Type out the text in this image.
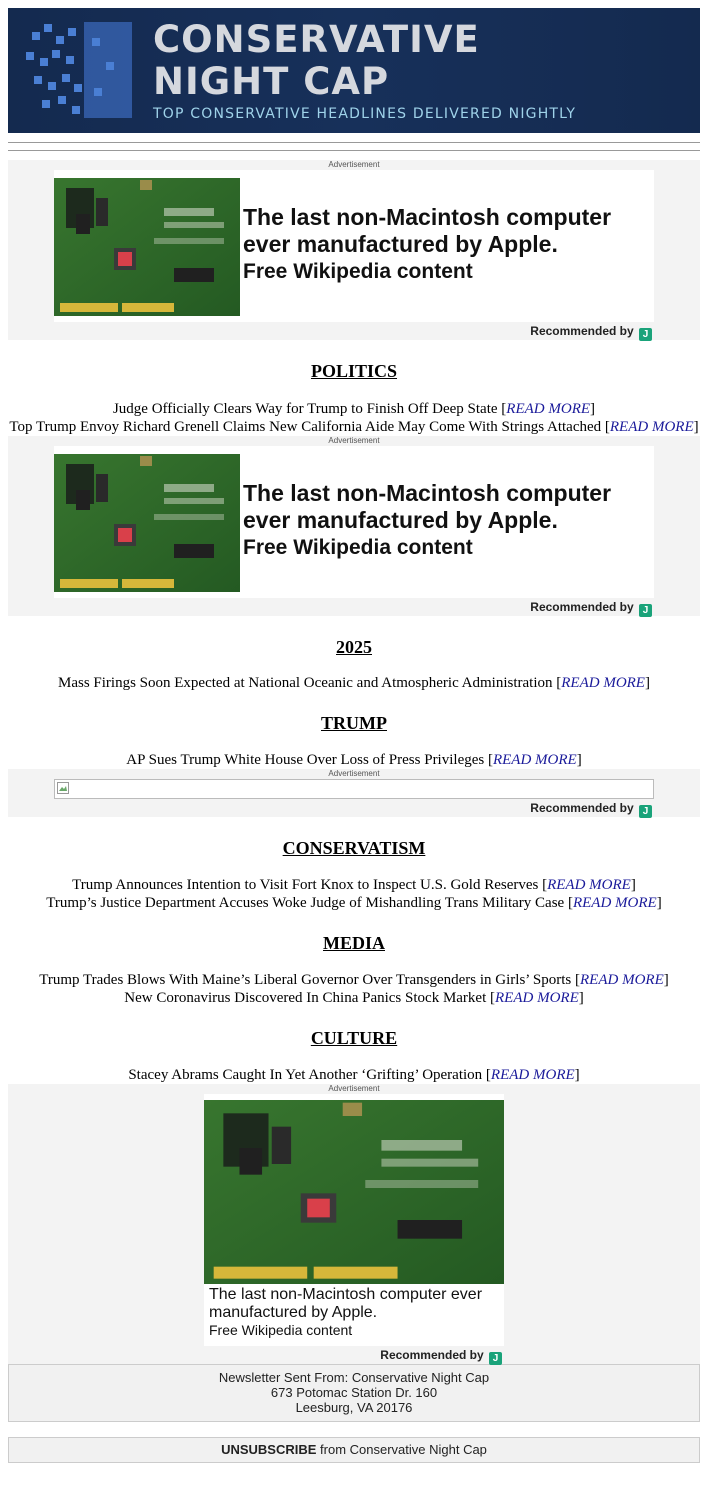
CONSERVATIVE
NIGHT CAP
TOP CONSERVATIVE HEADLINES DELIVERED NIGHTLY
Advertisement
The last non-Macintosh computer
ever manufactured by Apple.
Free Wikipedia content
Recommended by J
POLITICS
Judge Officially Clears Way for Trump to Finish Off Deep State [READ MORE]
Top Trump Envoy Richard Grenell Claims New California Aide May Come With Strings Attached [READ MORE]
Advertisement
The last non-Macintosh computer
ever manufactured by Apple.
Free Wikipedia content
Recommended by J
2025
Mass Firings Soon Expected at National Oceanic and Atmospheric Administration [READ MORE]
TRUMP
AP Sues Trump White House Over Loss of Press Privileges [READ MORE]
Advertisement
Recommended by J
CONSERVATISM
Trump Announces Intention to Visit Fort Knox to Inspect U.S. Gold Reserves [READ MORE]
Trump’s Justice Department Accuses Woke Judge of Mishandling Trans Military Case [READ MORE]
MEDIA
Trump Trades Blows With Maine’s Liberal Governor Over Transgenders in Girls’ Sports [READ MORE]
New Coronavirus Discovered In China Panics Stock Market [READ MORE]
CULTURE
Stacey Abrams Caught In Yet Another ‘Grifting’ Operation [READ MORE]
Advertisement
The last non-Macintosh computer ever manufactured by Apple.
Free Wikipedia content
Recommended by J
Newsletter Sent From: Conservative Night Cap
673 Potomac Station Dr. 160
Leesburg, VA 20176
UNSUBSCRIBE from Conservative Night Cap
